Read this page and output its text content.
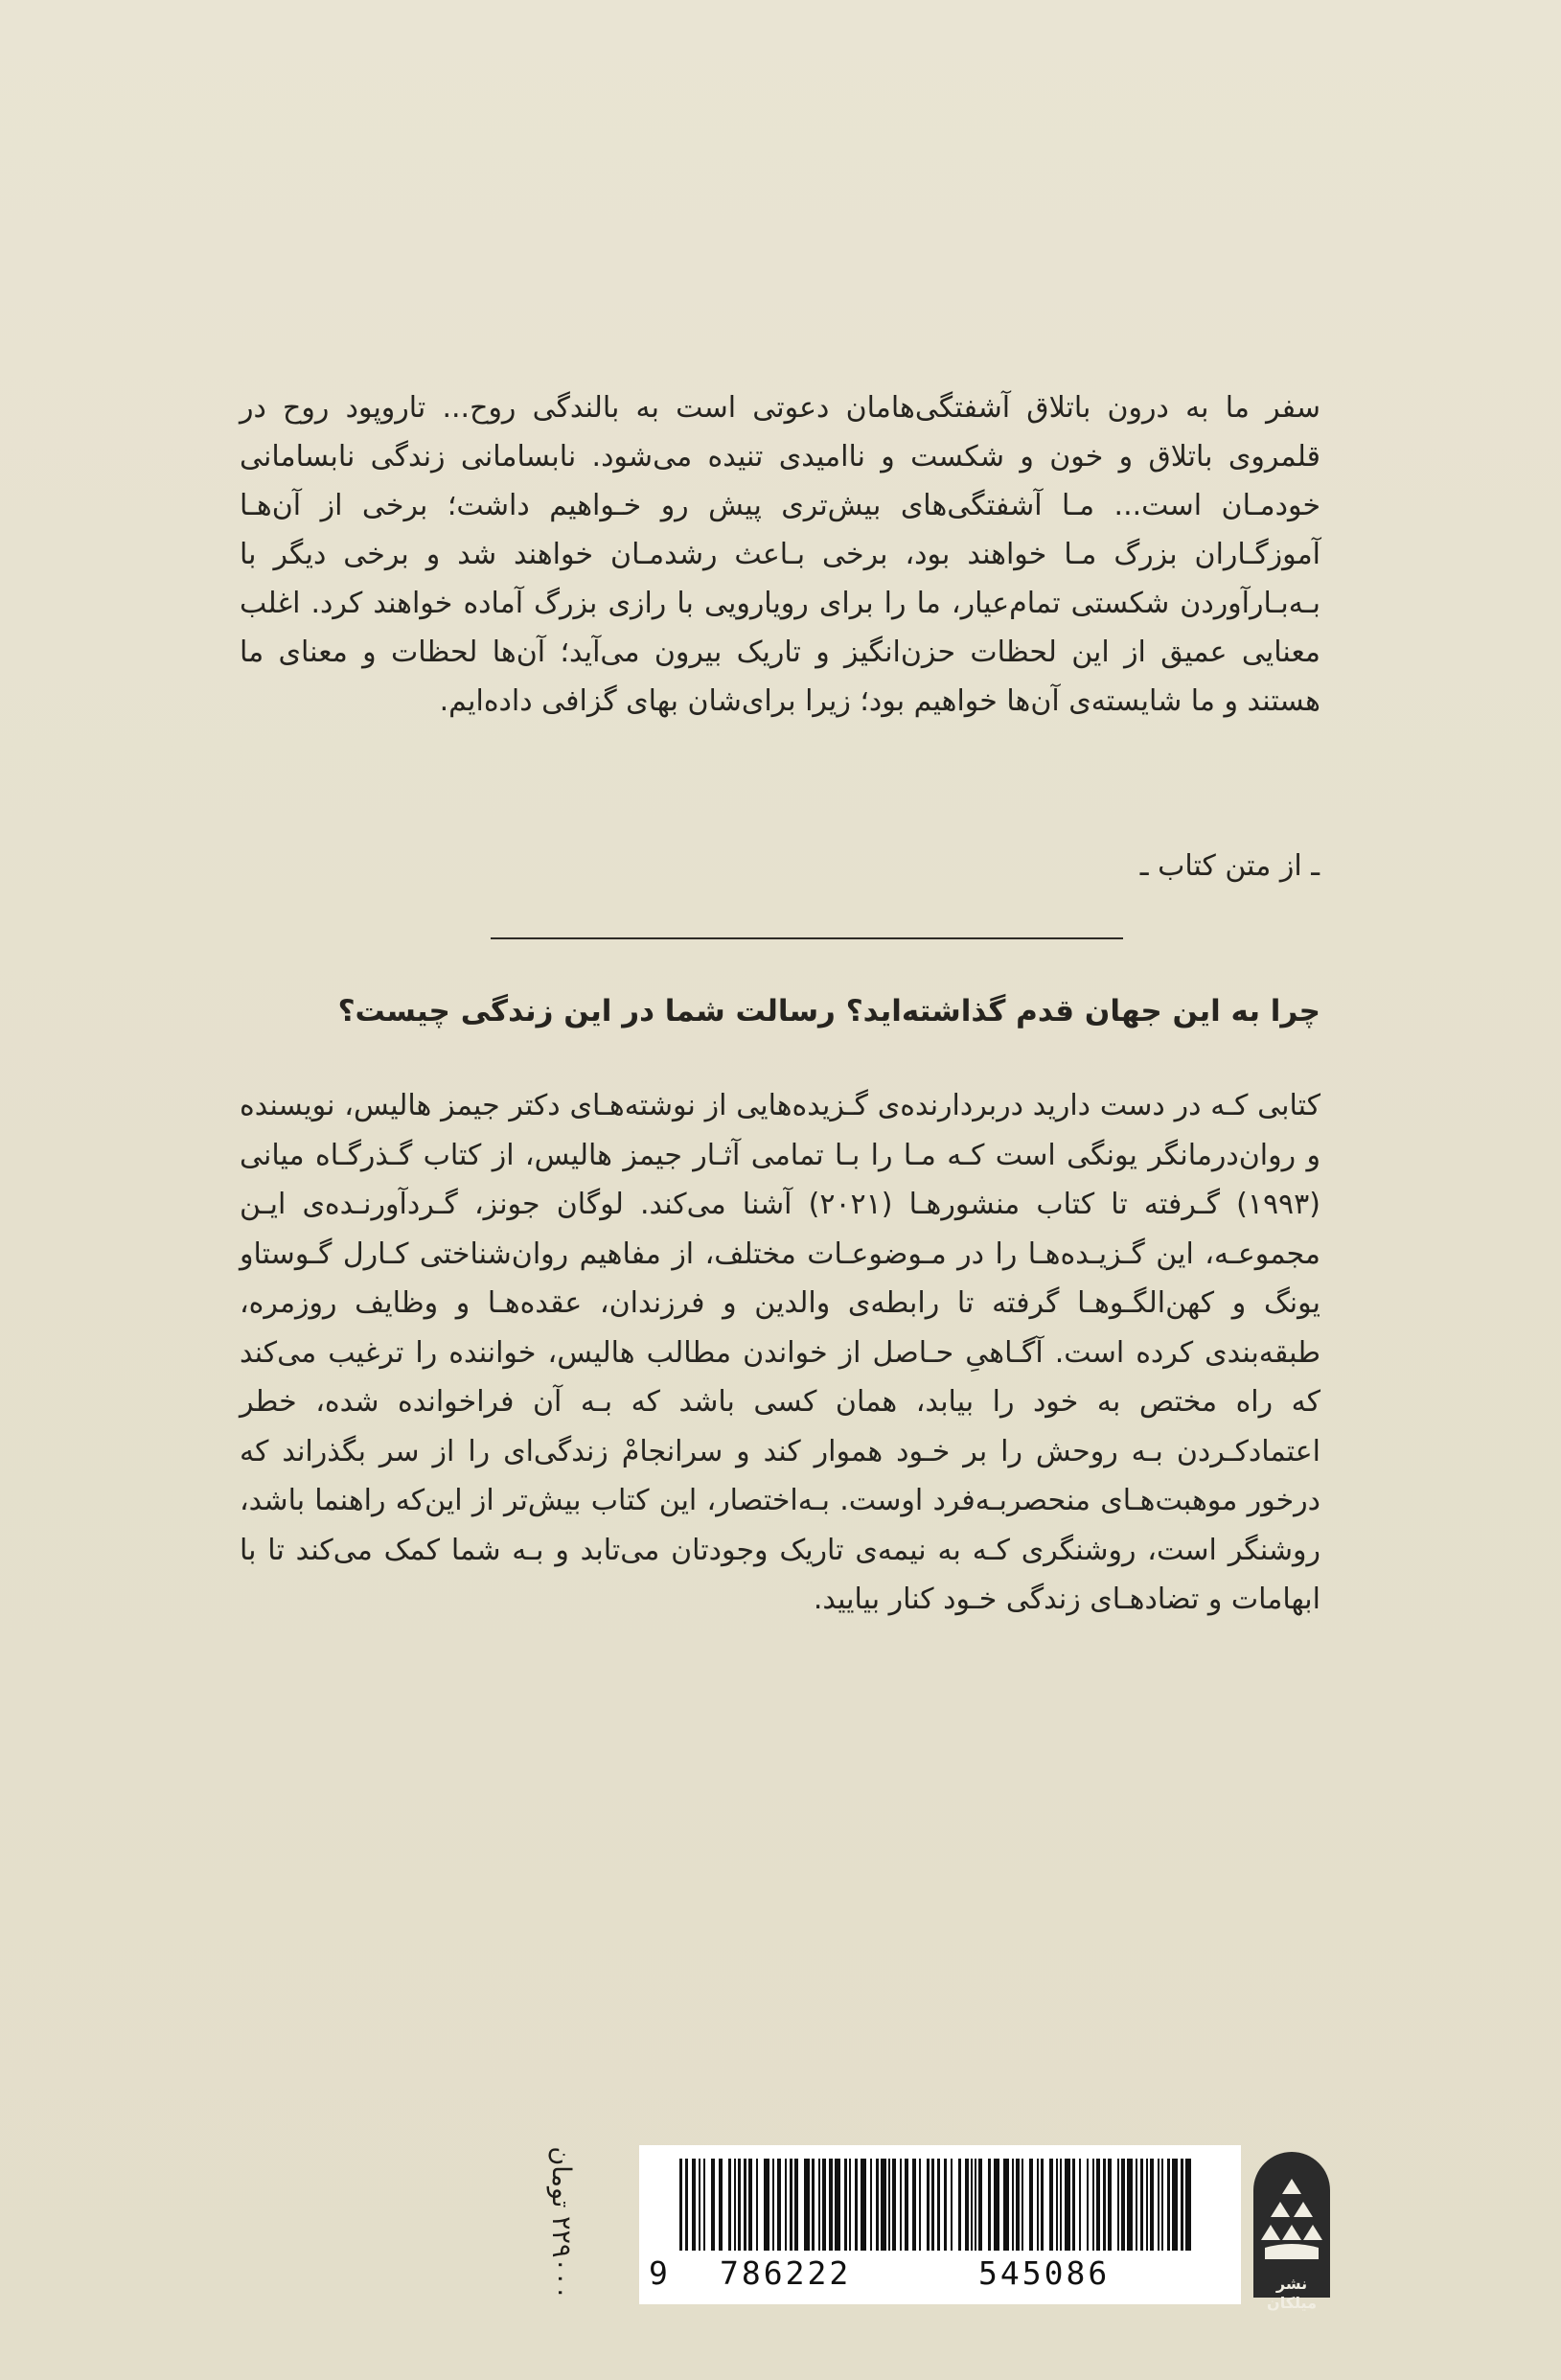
سفر ما به درون باتلاق آشفتگی‌ها‌مان دعوتی است به بالندگی روح... تاروپود روح در قلمروی باتلاق و خون و شکست و ناامیدی تنیده می‌شود. نابسامانی زندگی نابسامانی خودمـان است... مـا آشفتگی‌های بیش‌تری پیش رو خـواهیم داشت؛ برخی از آن‌هـا آموزگـاران بزرگ مـا خواهند بود، برخی بـاعث رشدمـان خواهند شد و برخی دیگر با بـه‌بـارآوردن شکستی تمام‌عیار، ما را برای رویارویی با رازی بزرگ آماده خواهند کرد. اغلب معنایی عمیق از این لحظات حزن‌انگیز و تاریک بیرون می‌آید؛ آن‌ها لحظات و معنای ما هستند و ما شایسته‌ی آن‌ها خواهیم بود؛ زیرا برای‌شان بهای گزافی داده‌ایم.

ـ از متن کتاب ـ
چرا به این جهان قدم گذاشته‌اید؟ رسالت شما در این زندگی چیست؟

کتابی کـه در دست دارید دربردارنده‌ی گـزیده‌هایی از نوشته‌هـای دکتر جیمز هالیس، نویسنده و روان‌درمانگر یونگی است کـه مـا را بـا تمامی آثـار جیمز هالیس، از کتاب گـذرگـاه میانی (۱۹۹۳) گـرفته تا کتاب منشورهـا (۲۰۲۱) آشنا می‌کند. لوگان جونز، گـردآورنـده‌ی ایـن مجموعـه، این گـزیـده‌هـا را در مـوضوعـات مختلف، از مفاهیم روان‌شناختی کـارل گـوستاو یونگ و کهن‌الگـوهـا گرفته تا رابطه‌ی والدین و فرزندان، عقده‌هـا و وظایف روزمره، طبقه‌بندی کرده است. آگـاهیِ حـاصل از خواندن مطالب هالیس، خواننده را ترغیب می‌کند که راه مختص به خود را بیابد، همان کسی باشد که بـه آن فراخوانده شده، خطر اعتمادکـردن بـه روحش را بر خـود هموار کند و سرانجامْ زندگی‌ای را از سر بگذراند که درخور موهبت‌هـای منحصربـه‌فرد اوست. بـه‌اختصار، این کتاب بیش‌تر از این‌که راهنما باشد، روشنگر است، روشنگری کـه به نیمه‌ی تاریک وجودتان می‌تابد و بـه شما کمک می‌کند تا با ابهامات و تضادهـای زندگی خـود کنار بیایید.

۲۲۹۰۰۰ تومان 9 786222	545086	نشر میلکان
